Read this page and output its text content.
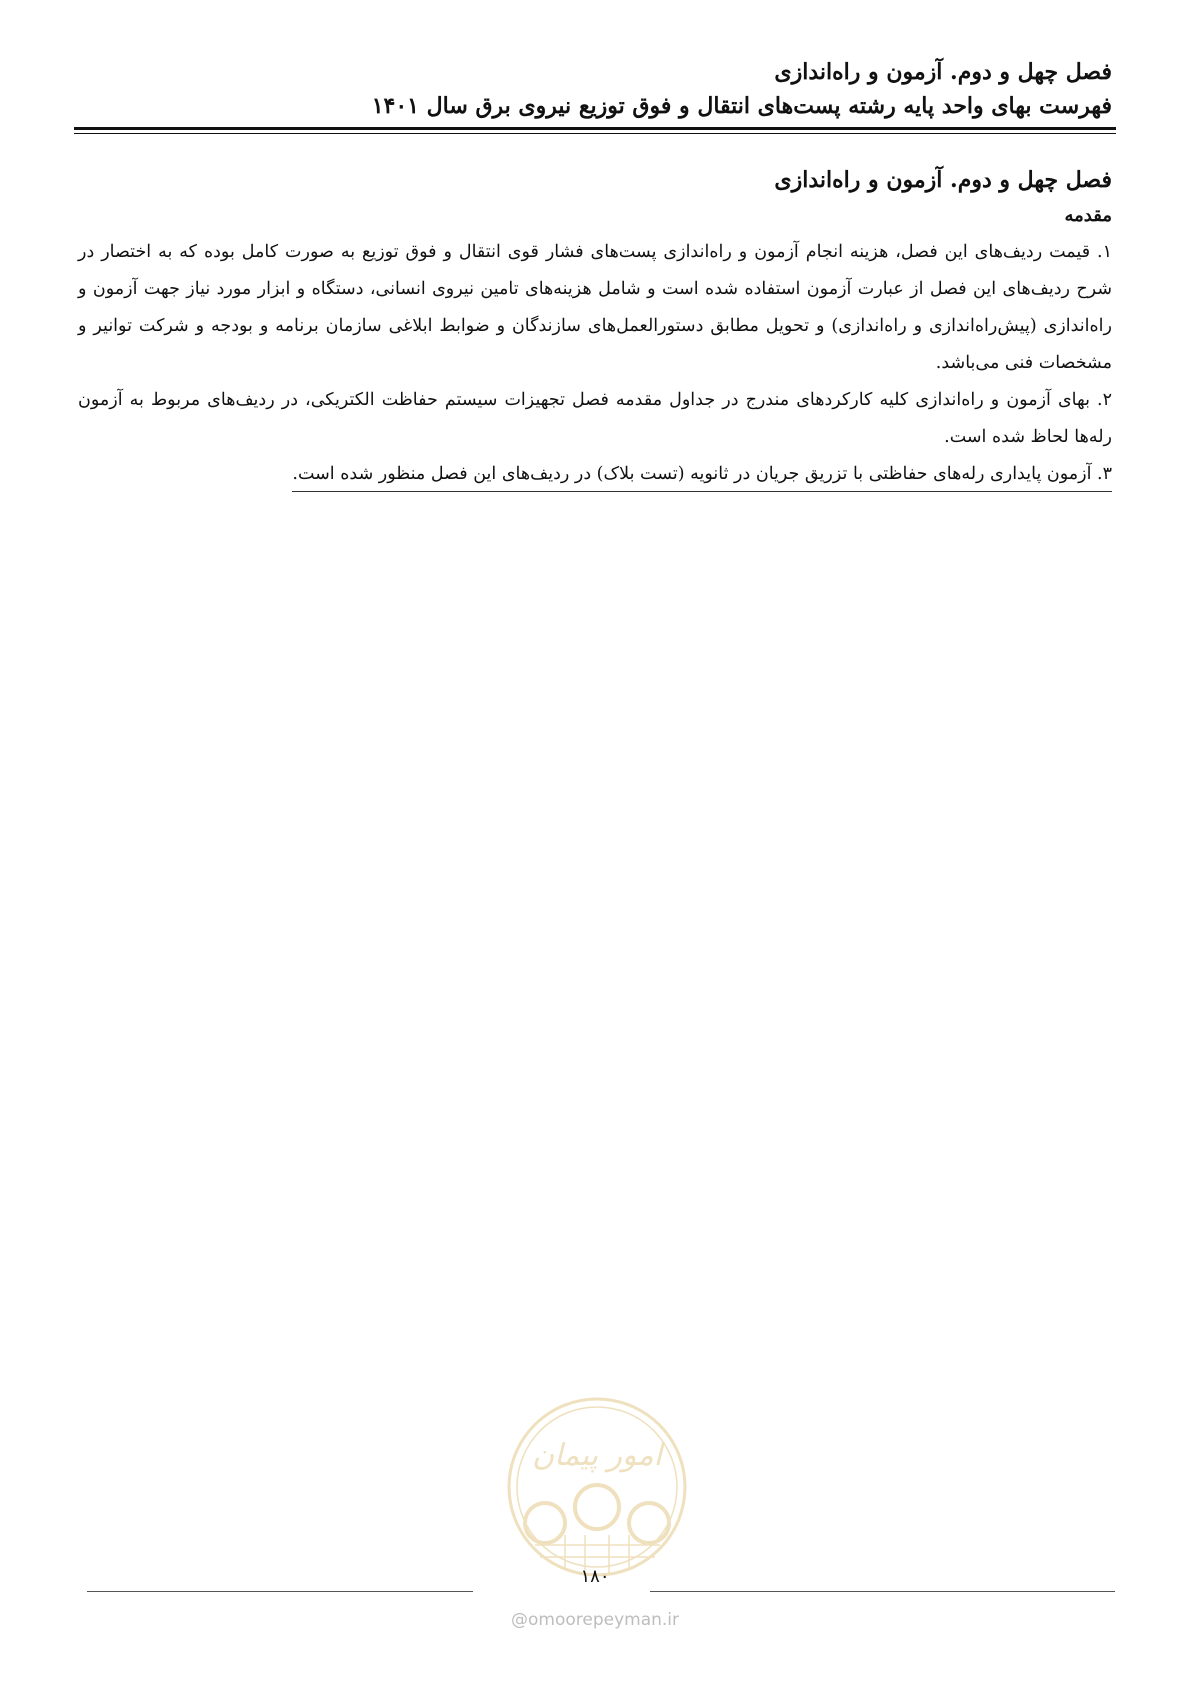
فصل چهل و دوم. آزمون و راه‌اندازی
فهرست بهای واحد پایه رشته پست‌های انتقال و فوق توزیع نیروی برق سال ۱۴۰۱
فصل چهل و دوم. آزمون و راه‌اندازی
مقدمه

۱. قیمت ردیف‌های این فصل، هزینه انجام آزمون و راه‌اندازی پست‌های فشار قوی انتقال و فوق توزیع به صورت کامل بوده که به اختصار در شرح ردیف‌های این فصل از عبارت آزمون استفاده شده است و شامل هزینه‌های تامین نیروی انسانی، دستگاه و ابزار مورد نیاز جهت آزمون و راه‌اندازی (پیش‌راه‌اندازی و راه‌اندازی) و تحویل مطابق دستورالعمل‌های سازندگان و ضوابط ابلاغی سازمان برنامه و بودجه و شرکت توانیر و مشخصات فنی می‌باشد.

۲. بهای آزمون و راه‌اندازی کلیه کارکردهای مندرج در جداول مقدمه فصل تجهیزات سیستم حفاظت الکتریکی، در ردیف‌های مربوط به آزمون رله‌ها لحاظ شده است.

۳. آزمون پایداری رله‌های حفاظتی با تزریق جریان در ثانویه (تست بلاک) در ردیف‌های این فصل منظور شده است.

امور پیمان
۱۸۰
@omoorepeyman.ir
